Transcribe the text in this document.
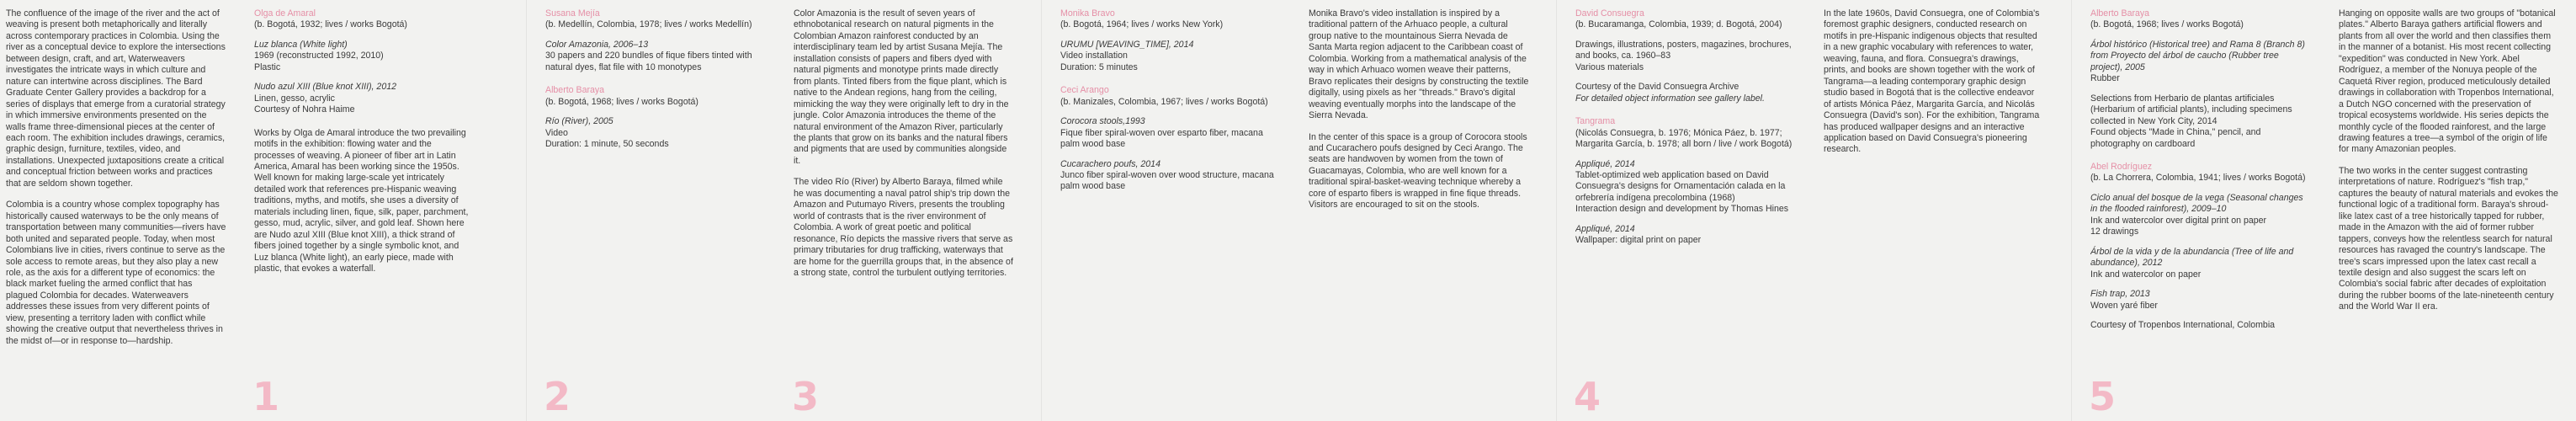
The confluence of the image of the river and the act of weaving is present both metaphorically and literally across contemporary practices in Colombia. Using the river as a conceptual device to explore the intersections between design, craft, and art, Waterweavers investigates the intricate ways in which culture and nature can intertwine across disciplines. The Bard Graduate Center Gallery provides a backdrop for a series of displays that emerge from a curatorial strategy in which immersive environments presented on the walls frame three-dimensional pieces at the center of each room. The exhibition includes drawings, ceramics, graphic design, furniture, textiles, video, and installations. Unexpected juxtapositions create a critical and conceptual friction between works and practices that are seldom shown together.

Colombia is a country whose complex topography has historically caused waterways to be the only means of transportation between many communities—rivers have both united and separated people. Today, when most Colombians live in cities, rivers continue to serve as the sole access to remote areas, but they also play a new role, as the axis for a different type of economics: the black market fueling the armed conflict that has plagued Colombia for decades. Waterweavers addresses these issues from very different points of view, presenting a territory laden with conflict while showing the creative output that nevertheless thrives in the midst of—or in response to—hardship.

Olga de Amaral
(b. Bogotá, 1932; lives / works Bogotá)
Luz blanca (White light)
1969 (reconstructed 1992, 2010)
Plastic
Nudo azul XIII (Blue knot XIII), 2012
Linen, gesso, acrylic
Courtesy of Nohra Haime

Works by Olga de Amaral introduce the two prevailing motifs in the exhibition: flowing water and the processes of weaving. A pioneer of fiber art in Latin America, Amaral has been working since the 1950s. Well known for making large-scale yet intricately detailed work that references pre-Hispanic weaving traditions, myths, and motifs, she uses a diversity of materials including linen, fique, silk, paper, parchment, gesso, mud, acrylic, silver, and gold leaf. Shown here are Nudo azul XIII (Blue knot XIII), a thick strand of fibers joined together by a single symbolic knot, and Luz blanca (White light), an early piece, made with plastic, that evokes a waterfall.

1
Susana Mejía
(b. Medellín, Colombia, 1978; lives / works Medellín)
Color Amazonia, 2006–13
30 papers and 220 bundles of fique fibers tinted with natural dyes, flat file with 10 monotypes
Alberto Baraya
(b. Bogotá, 1968; lives / works Bogotá)
Río (River), 2005
Video
Duration: 1 minute, 50 seconds
2

Color Amazonia is the result of seven years of ethnobotanical research on natural pigments in the Colombian Amazon rainforest conducted by an interdisciplinary team led by artist Susana Mejía. The installation consists of papers and fibers dyed with natural pigments and monotype prints made directly from plants. Tinted fibers from the fique plant, which is native to the Andean regions, hang from the ceiling, mimicking the way they were originally left to dry in the jungle. Color Amazonia introduces the theme of the natural environment of the Amazon River, particularly the plants that grow on its banks and the natural fibers and pigments that are used by communities alongside it.

The video Río (River) by Alberto Baraya, filmed while he was documenting a naval patrol ship's trip down the Amazon and Putumayo Rivers, presents the troubling world of contrasts that is the river environment of Colombia. A work of great poetic and political resonance, Río depicts the massive rivers that serve as primary tributaries for drug trafficking, waterways that are home for the guerrilla groups that, in the absence of a strong state, control the turbulent outlying territories.

3
Monika Bravo
(b. Bogotá, 1964; lives / works New York)
URUMU [WEAVING_TIME], 2014
Video installation
Duration: 5 minutes
Ceci Arango
(b. Manizales, Colombia, 1967; lives / works Bogotá)
Corocora stools,1993
Fique fiber spiral-woven over esparto fiber, macana palm wood base
Cucarachero poufs, 2014
Junco fiber spiral-woven over wood structure, macana palm wood base

Monika Bravo's video installation is inspired by a traditional pattern of the Arhuaco people, a cultural group native to the mountainous Sierra Nevada de Santa Marta region adjacent to the Caribbean coast of Colombia. Working from a mathematical analysis of the way in which Arhuaco women weave their patterns, Bravo replicates their designs by constructing the textile digitally, using pixels as her "threads." Bravo's digital weaving eventually morphs into the landscape of the Sierra Nevada.

In the center of this space is a group of Corocora stools and Cucarachero poufs designed by Ceci Arango. The seats are handwoven by women from the town of Guacamayas, Colombia, who are well known for a traditional spiral-basket-weaving technique whereby a core of esparto fibers is wrapped in fine fique threads. Visitors are encouraged to sit on the stools.

David Consuegra
(b. Bucaramanga, Colombia, 1939; d. Bogotá, 2004)
Drawings, illustrations, posters, magazines, brochures, and books, ca. 1960–83
Various materials
Courtesy of the David Consuegra Archive
For detailed object information see gallery label.
Tangrama
(Nicolás Consuegra, b. 1976; Mónica Páez, b. 1977; Margarita García, b. 1978; all born / live / work Bogotá)
Appliqué, 2014
Tablet-optimized web application based on David Consuegra's designs for Ornamentación calada en la orfebrería indígena precolombina (1968)
Interaction design and development by Thomas Hines
Appliqué, 2014
Wallpaper: digital print on paper
4

In the late 1960s, David Consuegra, one of Colombia's foremost graphic designers, conducted research on motifs in pre-Hispanic indigenous objects that resulted in a new graphic vocabulary with references to water, weaving, fauna, and flora. Consuegra's drawings, prints, and books are shown together with the work of Tangrama—a leading contemporary graphic design studio based in Bogotá that is the collective endeavor of artists Mónica Páez, Margarita García, and Nicolás Consuegra (David's son). For the exhibition, Tangrama has produced wallpaper designs and an interactive application based on David Consuegra's pioneering research.

Alberto Baraya
(b. Bogotá, 1968; lives / works Bogotá)
Árbol histórico (Historical tree) and Rama 8 (Branch 8) from Proyecto del árbol de caucho (Rubber tree project), 2005
Rubber
Selections from Herbario de plantas artificiales (Herbarium of artificial plants), including specimens collected in New York City, 2014
Found objects "Made in China," pencil, and photography on cardboard
Abel Rodríguez
(b. La Chorrera, Colombia, 1941; lives / works Bogotá)
Ciclo anual del bosque de la vega (Seasonal changes in the flooded rainforest), 2009–10
Ink and watercolor over digital print on paper
12 drawings
Árbol de la vida y de la abundancia (Tree of life and abundance), 2012
Ink and watercolor on paper
Fish trap, 2013
Woven yaré fiber
Courtesy of Tropenbos International, Colombia
5

Hanging on opposite walls are two groups of "botanical plates." Alberto Baraya gathers artificial flowers and plants from all over the world and then classifies them in the manner of a botanist. His most recent collecting "expedition" was conducted in New York. Abel Rodríguez, a member of the Nonuya people of the Caquetá River region, produced meticulously detailed drawings in collaboration with Tropenbos International, a Dutch NGO concerned with the preservation of tropical ecosystems worldwide. His series depicts the monthly cycle of the flooded rainforest, and the large drawing features a tree—a symbol of the origin of life for many Amazonian peoples.

The two works in the center suggest contrasting interpretations of nature. Rodríguez's "fish trap," captures the beauty of natural materials and evokes the functional logic of a traditional form. Baraya's shroud-like latex cast of a tree historically tapped for rubber, made in the Amazon with the aid of former rubber tappers, conveys how the relentless search for natural resources has ravaged the country's landscape. The tree's scars impressed upon the latex cast recall a textile design and also suggest the scars left on Colombia's social fabric after decades of exploitation during the rubber booms of the late-nineteenth century and the World War II era.
